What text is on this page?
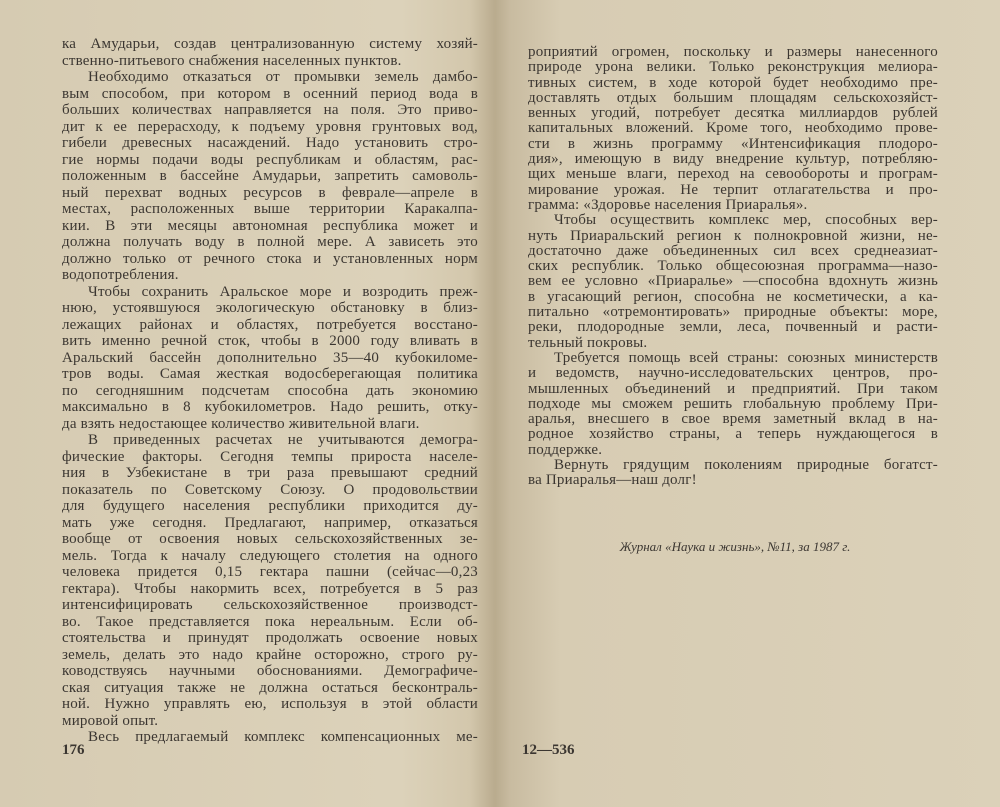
ка Амударьи, создав централизованную систему хозяй-
ственно-питьевого снабжения населенных пунктов.
Необходимо отказаться от промывки земель дамбо-
вым способом, при котором в осенний период вода в
больших количествах направляется на поля. Это приво-
дит к ее перерасходу, к подъему уровня грунтовых вод,
гибели древесных насаждений. Надо установить стро-
гие нормы подачи воды республикам и областям, рас-
положенным в бассейне Амударьи, запретить самоволь-
ный перехват водных ресурсов в феврале—апреле в
местах, расположенных выше территории Каракалпа-
кии. В эти месяцы автономная республика может и
должна получать воду в полной мере. А зависеть это
должно только от речного стока и установленных норм
водопотребления.
Чтобы сохранить Аральское море и возродить преж-
нюю, устоявшуюся экологическую обстановку в близ-
лежащих районах и областях, потребуется восстано-
вить именно речной сток, чтобы в 2000 году вливать в
Аральский бассейн дополнительно 35—40 кубокиломе-
тров воды. Самая жесткая водосберегающая политика
по сегодняшним подсчетам способна дать экономию
максимально в 8 кубокилометров. Надо решить, отку-
да взять недостающее количество живительной влаги.
В приведенных расчетах не учитываются демогра-
фические факторы. Сегодня темпы прироста населе-
ния в Узбекистане в три раза превышают средний
показатель по Советскому Союзу. О продовольствии
для будущего населения республики приходится ду-
мать уже сегодня. Предлагают, например, отказаться
вообще от освоения новых сельскохозяйственных зе-
мель. Тогда к началу следующего столетия на одного
человека придется 0,15 гектара пашни (сейчас—0,23
гектара). Чтобы накормить всех, потребуется в 5 раз
интенсифицировать сельскохозяйственное производст-
во. Такое представляется пока нереальным. Если об-
стоятельства и принудят продолжать освоение новых
земель, делать это надо крайне осторожно, строго ру-
ководствуясь научными обоснованиями. Демографиче-
ская ситуация также не должна остаться бесконтраль-
ной. Нужно управлять ею, используя в этой области
мировой опыт.
Весь предлагаемый комплекс компенсационных ме-
роприятий огромен, поскольку и размеры нанесенного
природе урона велики. Только реконструкция мелиора-
тивных систем, в ходе которой будет необходимо пре-
доставлять отдых большим площадям сельскохозяйст-
венных угодий, потребует десятка миллиардов рублей
капитальных вложений. Кроме того, необходимо прове-
сти в жизнь программу «Интенсификация плодоро-
дия», имеющую в виду внедрение культур, потребляю-
щих меньше влаги, переход на севообороты и програм-
мирование урожая. Не терпит отлагательства и про-
грамма: «Здоровье населения Приаралья».
Чтобы осуществить комплекс мер, способных вер-
нуть Приаральский регион к полнокровной жизни, не-
достаточно даже объединенных сил всех среднеазиат-
ских республик. Только общесоюзная программа—назо-
вем ее условно «Приаралье» —способна вдохнуть жизнь
в угасающий регион, способна не косметически, а ка-
питально «отремонтировать» природные объекты: море,
реки, плодородные земли, леса, почвенный и расти-
тельный покровы.
Требуется помощь всей страны: союзных министерств
и ведомств, научно-исследовательских центров, про-
мышленных объединений и предприятий. При таком
подходе мы сможем решить глобальную проблему При-
аралья, внесшего в свое время заметный вклад в на-
родное хозяйство страны, а теперь нуждающегося в
поддержке.
Вернуть грядущим поколениям природные богатст-
ва Приаралья—наш долг!
176	12—536
Журнал «Наука и жизнь», №11, за 1987 г.
